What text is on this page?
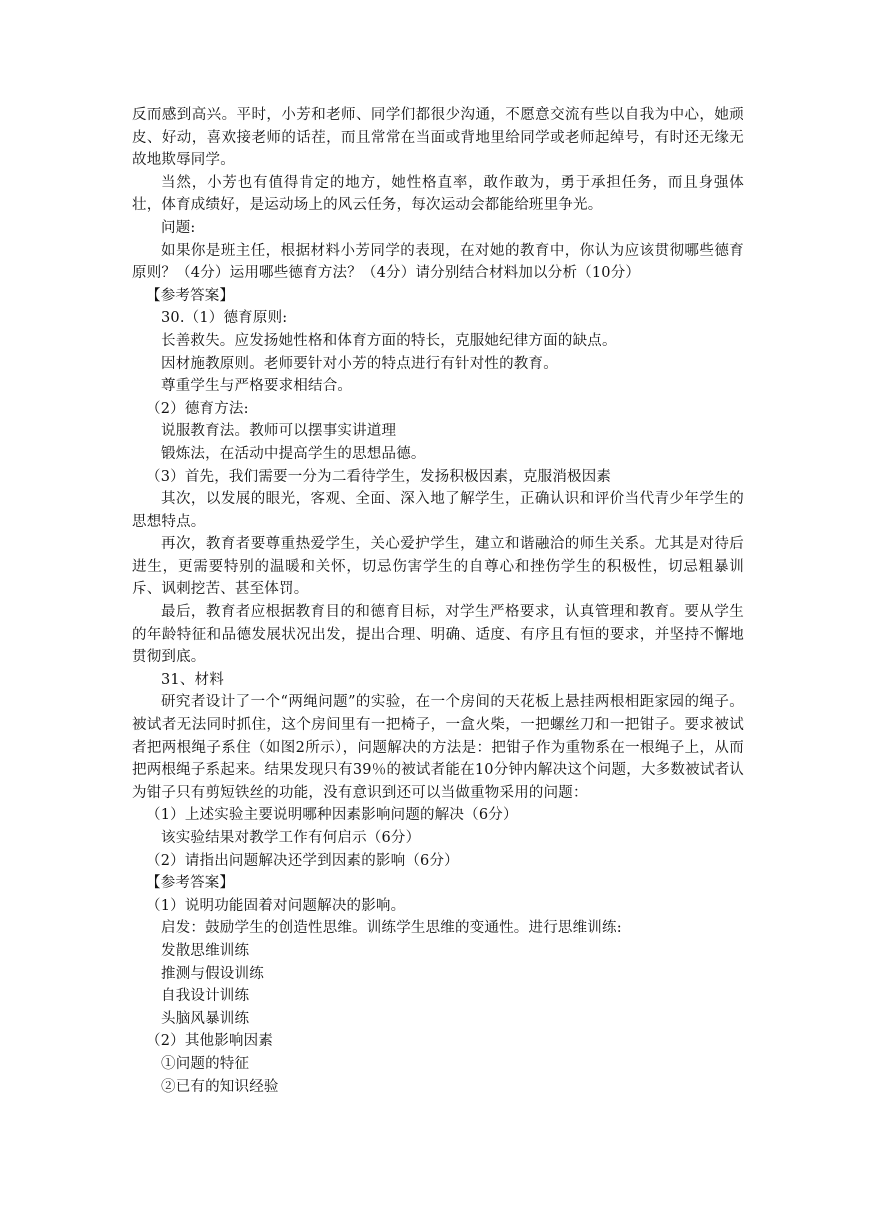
反而感到高兴。平时，小芳和老师、同学们都很少沟通，不愿意交流有些以自我为中心，她顽皮、好动，喜欢接老师的话茬，而且常常在当面或背地里给同学或老师起绰号，有时还无缘无故地欺辱同学。

当然，小芳也有值得肯定的地方，她性格直率，敢作敢为，勇于承担任务，而且身强体壮，体育成绩好，是运动场上的风云任务，每次运动会都能给班里争光。

问题:

如果你是班主任，根据材料小芳同学的表现，在对她的教育中，你认为应该贯彻哪些德育原则？（4分）运用哪些德育方法？（4分）请分别结合材料加以分析（10分）

【参考答案】

30.（1）德育原则:

长善救失。应发扬她性格和体育方面的特长，克服她纪律方面的缺点。

因材施教原则。老师要针对小芳的特点进行有针对性的教育。

尊重学生与严格要求相结合。

（2）德育方法:

说服教育法。教师可以摆事实讲道理

锻炼法，在活动中提高学生的思想品德。

（3）首先，我们需要一分为二看待学生，发扬积极因素，克服消极因素

其次，以发展的眼光，客观、全面、深入地了解学生，正确认识和评价当代青少年学生的思想特点。

再次，教育者要尊重热爱学生，关心爱护学生，建立和谐融洽的师生关系。尤其是对待后进生，更需要特别的温暖和关怀，切忌伤害学生的自尊心和挫伤学生的积极性，切忌粗暴训斥、讽刺挖苦、甚至体罚。

最后，教育者应根据教育目的和德育目标，对学生严格要求，认真管理和教育。要从学生的年龄特征和品德发展状况出发，提出合理、明确、适度、有序且有恒的要求，并坚持不懈地贯彻到底。

31、材料

研究者设计了一个“两绳问题”的实验，在一个房间的天花板上悬挂两根相距家园的绳子。被试者无法同时抓住，这个房间里有一把椅子，一盒火柴，一把螺丝刀和一把钳子。要求被试者把两根绳子系住（如图2所示），问题解决的方法是：把钳子作为重物系在一根绳子上，从而把两根绳子系起来。结果发现只有39％的被试者能在10分钟内解决这个问题，大多数被试者认为钳子只有剪短铁丝的功能，没有意识到还可以当做重物采用的问题：

（1）上述实验主要说明哪种因素影响问题的解决（6分）

该实验结果对教学工作有何启示（6分）

（2）请指出问题解决还学到因素的影响（6分）

【参考答案】

（1）说明功能固着对问题解决的影响。

启发：鼓励学生的创造性思维。训练学生思维的变通性。进行思维训练:

发散思维训练

推测与假设训练

自我设计训练

头脑风暴训练

（2）其他影响因素

①问题的特征

②已有的知识经验
